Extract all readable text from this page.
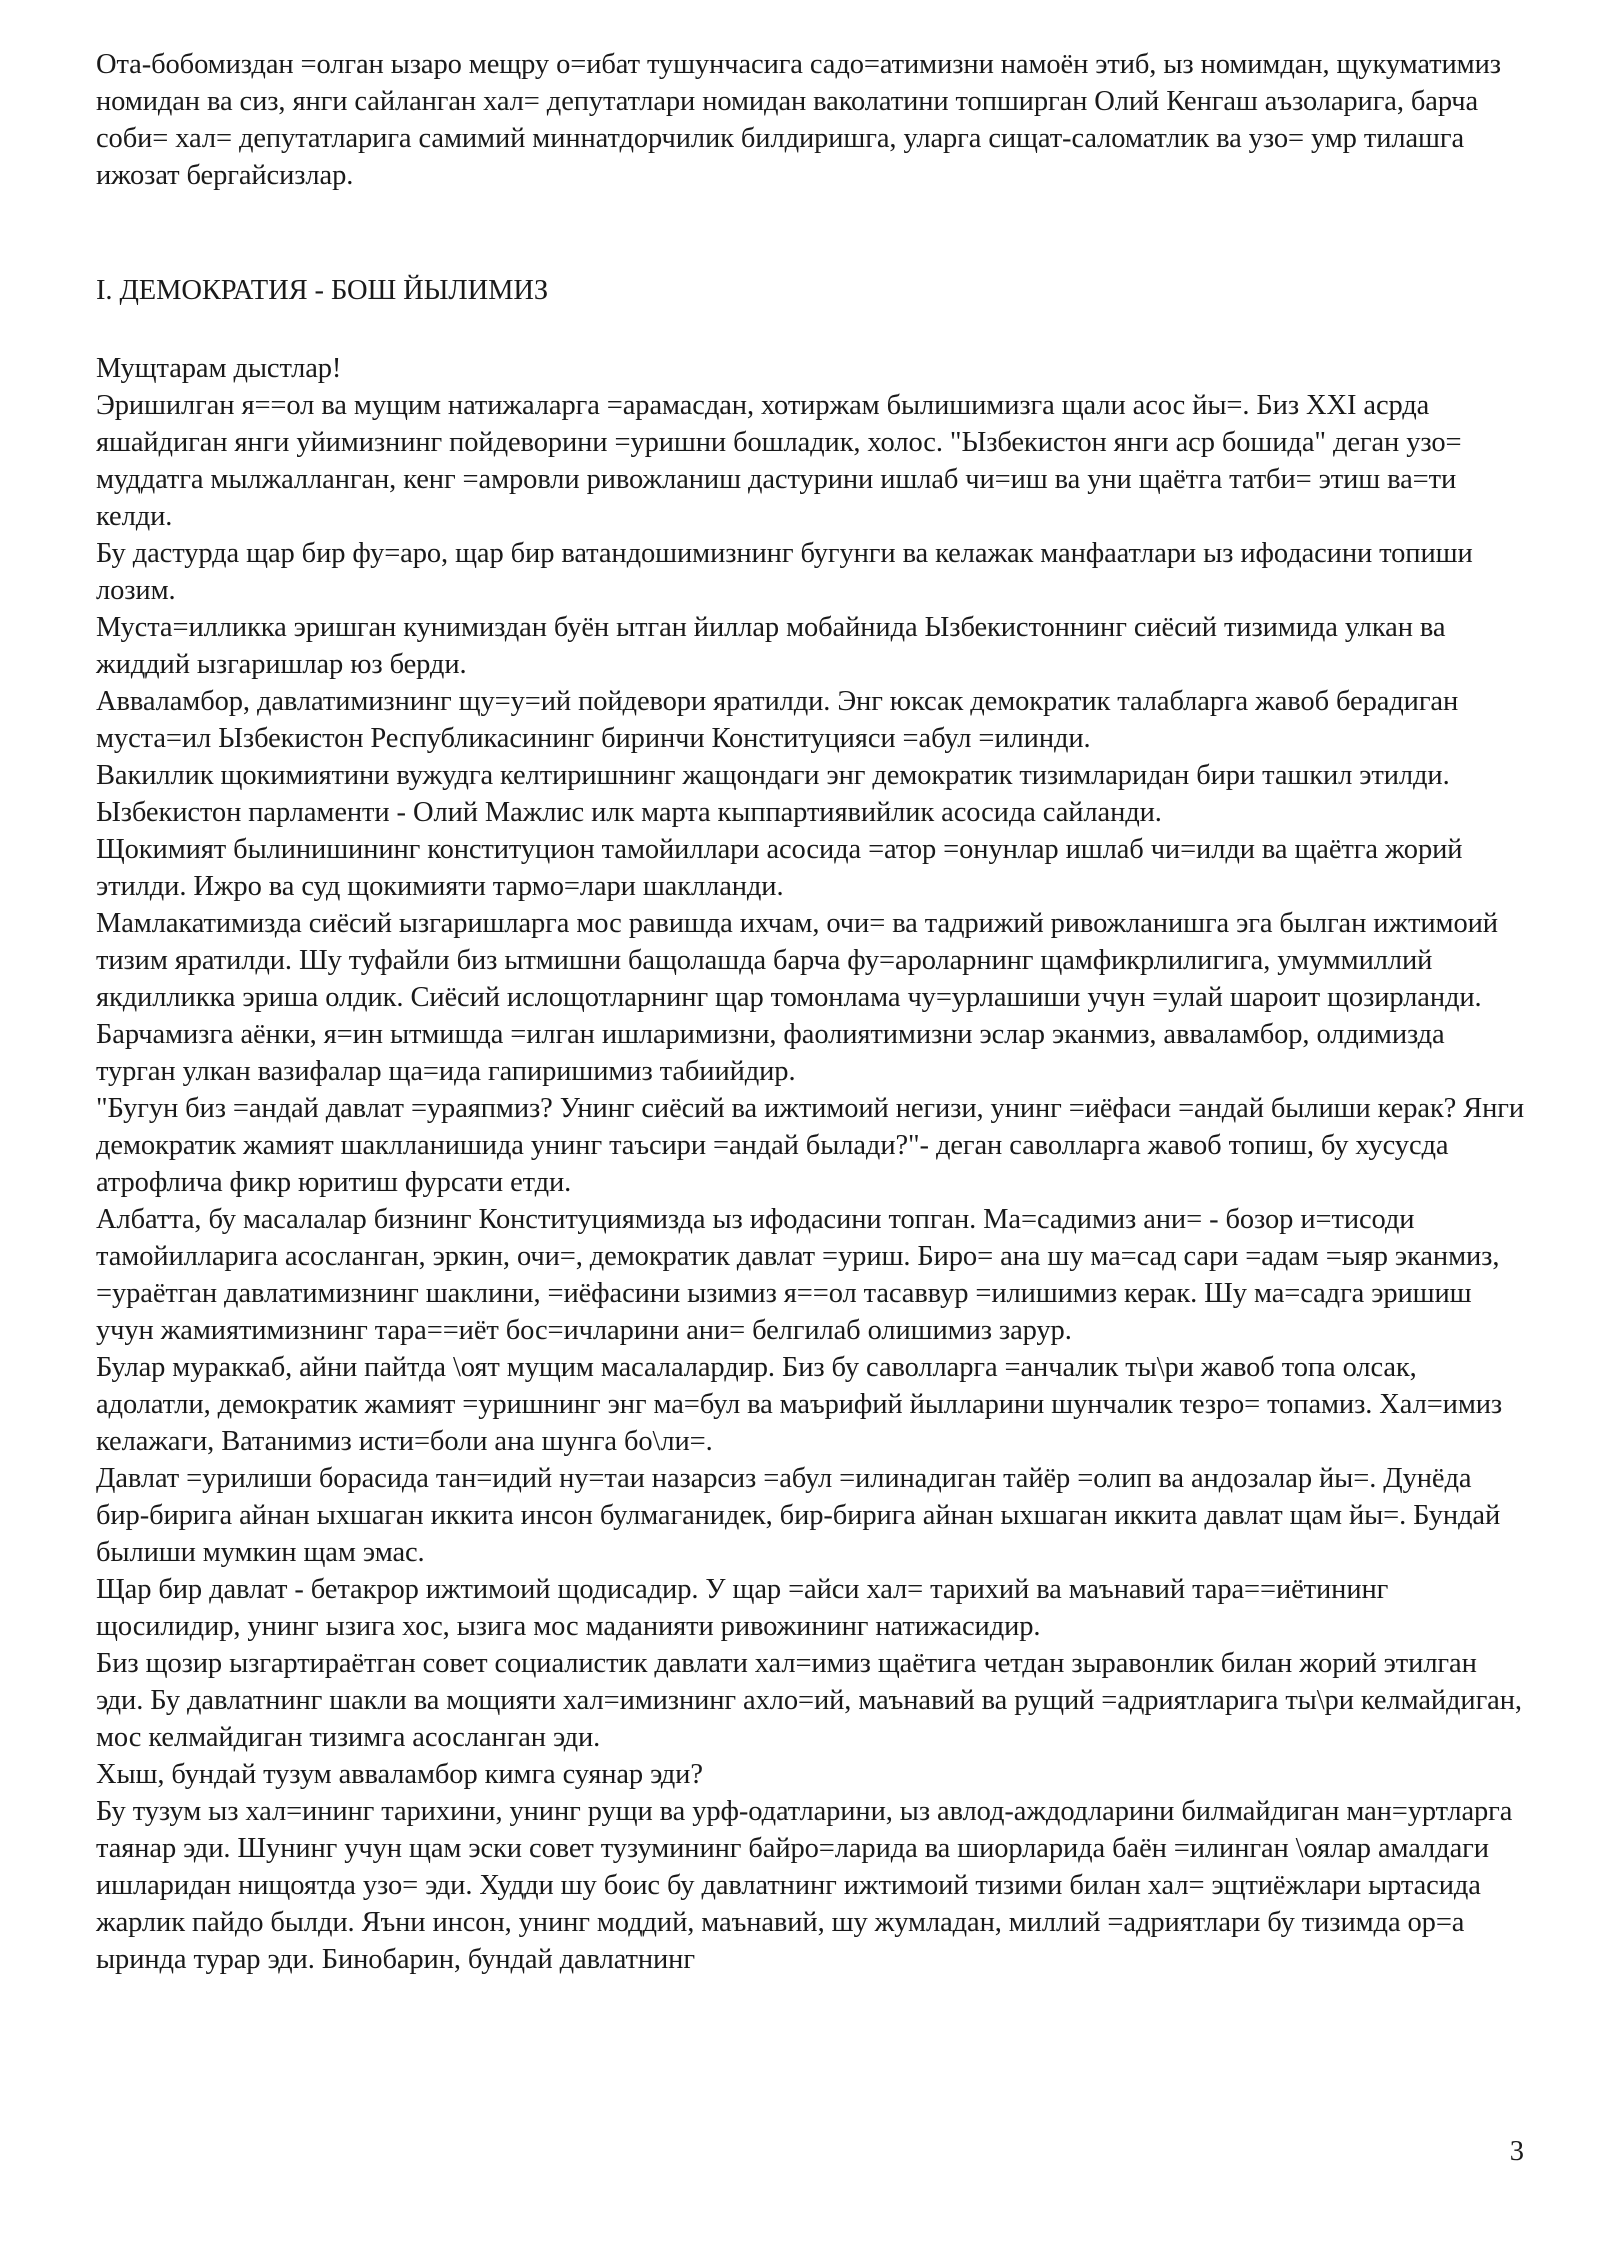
Ота-бобомиздан =олган ызаро мещру о=ибат тушунчасига садо=атимизни намоён этиб, ыз номимдан, щукуматимиз номидан ва сиз, янги сайланган хал= депутатлари номидан ваколатини топширган Олий Кенгаш аъзоларига, барча соби= хал= депутатларига самимий миннатдорчилик билдиришга, уларга сищат-саломатлик ва узо= умр тилашга ижозат бергайсизлар.

I. ДЕМОКРАТИЯ - БОШ ЙЫЛИМИЗ

Мущтарам дыстлар!

Эришилган я==ол ва мущим натижаларга =арамасдан, хотиржам былишимизга щали асос йы=. Биз XXI асрда яшайдиган янги уйимизнинг пойдеворини =уришни бошладик, холос. "Ызбекистон янги аср бошида" деган узо= муддатга мылжалланган, кенг =амровли ривожланиш дастурини ишлаб чи=иш ва уни щаётга татби= этиш ва=ти келди.

Бу дастурда щар бир фу=аро, щар бир ватандошимизнинг бугунги ва келажак манфаатлари ыз ифодасини топиши лозим.

Муста=илликка эришган кунимиздан буён ытган йиллар мобайнида Ызбекистоннинг сиёсий тизимида улкан ва жиддий ызгаришлар юз берди.

Авваламбор, давлатимизнинг щу=у=ий пойдевори яратилди. Энг юксак демократик талабларга жавоб берадиган муста=ил Ызбекистон Республикасининг биринчи Конституцияси =абул =илинди.

Вакиллик щокимиятини вужудга келтиришнинг жащондаги энг демократик тизимларидан бири ташкил этилди. Ызбекистон парламенти - Олий Мажлис илк марта кыппартиявийлик асосида сайланди.

Щокимият былинишининг конституцион тамойиллари асосида =атор =онунлар ишлаб чи=илди ва щаётга жорий этилди. Ижро ва суд щокимияти тармо=лари шаклланди.

Мамлакатимизда сиёсий ызгаришларга мос равишда ихчам, очи= ва тадрижий ривожланишга эга былган ижтимоий тизим яратилди. Шу туфайли биз ытмишни бащолашда барча фу=ароларнинг щамфикрлилигига, умуммиллий якдилликка эриша олдик. Сиёсий ислощотларнинг щар томонлама чу=урлашиши учун =улай шароит щозирланди.

Барчамизга аёнки, я=ин ытмишда =илган ишларимизни, фаолиятимизни эслар эканмиз, авваламбор, олдимизда турган улкан вазифалар ща=ида гапиришимиз табиийдир.

"Бугун биз =андай давлат =ураяпмиз? Унинг сиёсий ва ижтимоий негизи, унинг =иёфаси =андай былиши керак? Янги демократик жамият шаклланишида унинг таъсири =андай былади?"- деган саволларга жавоб топиш, бу хусусда атрофлича фикр юритиш фурсати етди.

Албатта, бу масалалар бизнинг Конституциямизда ыз ифодасини топган. Ма=садимиз ани= - бозор и=тисоди тамойилларига асосланган, эркин, очи=, демократик давлат =уриш. Биро= ана шу ма=сад сари =адам =ыяр эканмиз, =ураётган давлатимизнинг шаклини, =иёфасини ызимиз я==ол тасаввур =илишимиз керак. Шу ма=садга эришиш учун жамиятимизнинг тара==иёт бос=ичларини ани= белгилаб олишимиз зарур.

Булар мураккаб, айни пайтда \оят мущим масалалардир. Биз бу саволларга =анчалик ты\ри жавоб топа олсак, адолатли, демократик жамият =уришнинг энг ма=бул ва маърифий йылларини шунчалик тезро= топамиз. Хал=имиз келажаги, Ватанимиз исти=боли ана шунга бо\ли=.

Давлат =урилиши борасида тан=идий ну=таи назарсиз =абул =илинадиган тайёр =олип ва андозалар йы=. Дунёда бир-бирига айнан ыхшаган иккита инсон булмаганидек, бир-бирига айнан ыхшаган иккита давлат щам йы=. Бундай былиши мумкин щам эмас.

Щар бир давлат - бетакрор ижтимоий щодисадир. У щар =айси хал= тарихий ва маънавий тара==иётининг щосилидир, унинг ызига хос, ызига мос маданияти ривожининг натижасидир.

Биз щозир ызгартираётган совет социалистик давлати хал=имиз щаётига четдан зыравонлик билан жорий этилган эди. Бу давлатнинг шакли ва мощияти хал=имизнинг ахло=ий, маънавий ва рущий =адриятларига ты\ри келмайдиган, мос келмайдиган тизимга асосланган эди.

Хыш, бундай тузум авваламбор кимга суянар эди?

Бу тузум ыз хал=ининг тарихини, унинг рущи ва урф-одатларини, ыз авлод-аждодларини билмайдиган ман=уртларга таянар эди. Шунинг учун щам эски совет тузумининг байро=ларида ва шиорларида баён =илинган \оялар амалдаги ишларидан нищоятда узо= эди. Худди шу боис бу давлатнинг ижтимоий тизими билан хал= эщтиёжлари ыртасида жарлик пайдо былди. Яъни инсон, унинг моддий, маънавий, шу жумладан, миллий =адриятлари бу тизимда ор=а ыринда турар эди. Бинобарин, бундай давлатнинг

3
